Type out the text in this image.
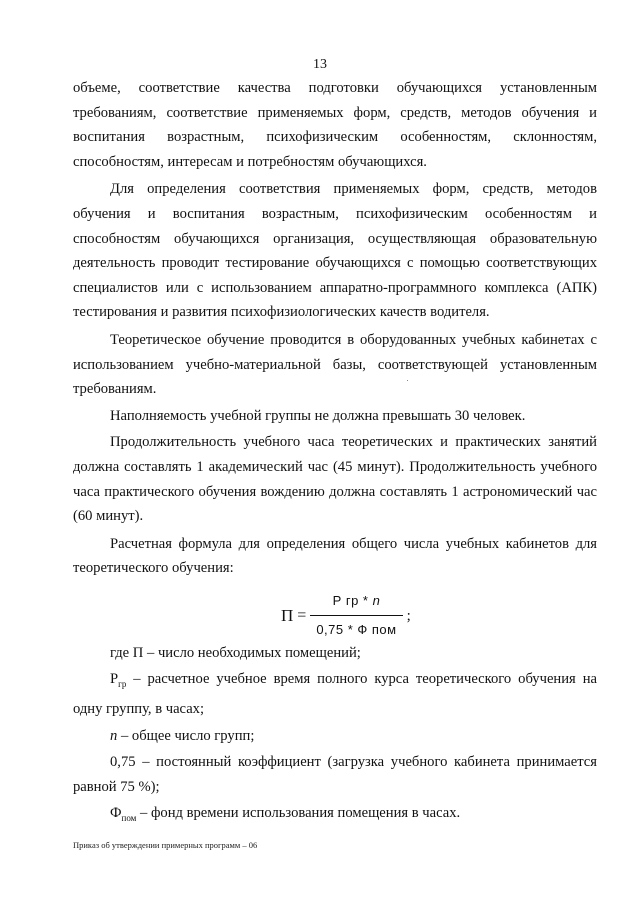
13

объеме, соответствие качества подготовки обучающихся установленным требованиям, соответствие применяемых форм, средств, методов обучения и воспитания возрастным, психофизическим особенностям, склонностям, способностям, интересам и потребностям обучающихся.

Для определения соответствия применяемых форм, средств, методов обучения и воспитания возрастным, психофизическим особенностям и способностям обучающихся организация, осуществляющая образовательную деятельность проводит тестирование обучающихся с помощью соответствующих специалистов или с использованием аппаратно-программного комплекса (АПК) тестирования и развития психофизиологических качеств водителя.

Теоретическое обучение проводится в оборудованных учебных кабинетах с использованием учебно-материальной базы, соответствующей установленным требованиям.

Наполняемость учебной группы не должна превышать 30 человек.

Продолжительность учебного часа теоретических и практических занятий должна составлять 1 академический час (45 минут). Продолжительность учебного часа практического обучения вождению должна составлять 1 астрономический час (60 минут).

Расчетная формула для определения общего числа учебных кабинетов для теоретического обучения:

$П = \frac{\text{Р гр * n}}{\text{0,75 * Ф пом}}$ ;

где П – число необходимых помещений;

$Р_{гр}$ – расчетное учебное время полного курса теоретического обучения на одну группу, в часах;

n – общее число групп;

0,75 – постоянный коэффициент (загрузка учебного кабинета принимается равной 75 %);

$Ф_{пом}$ – фонд времени использования помещения в часах.

Приказ об утверждении примерных программ – 06
